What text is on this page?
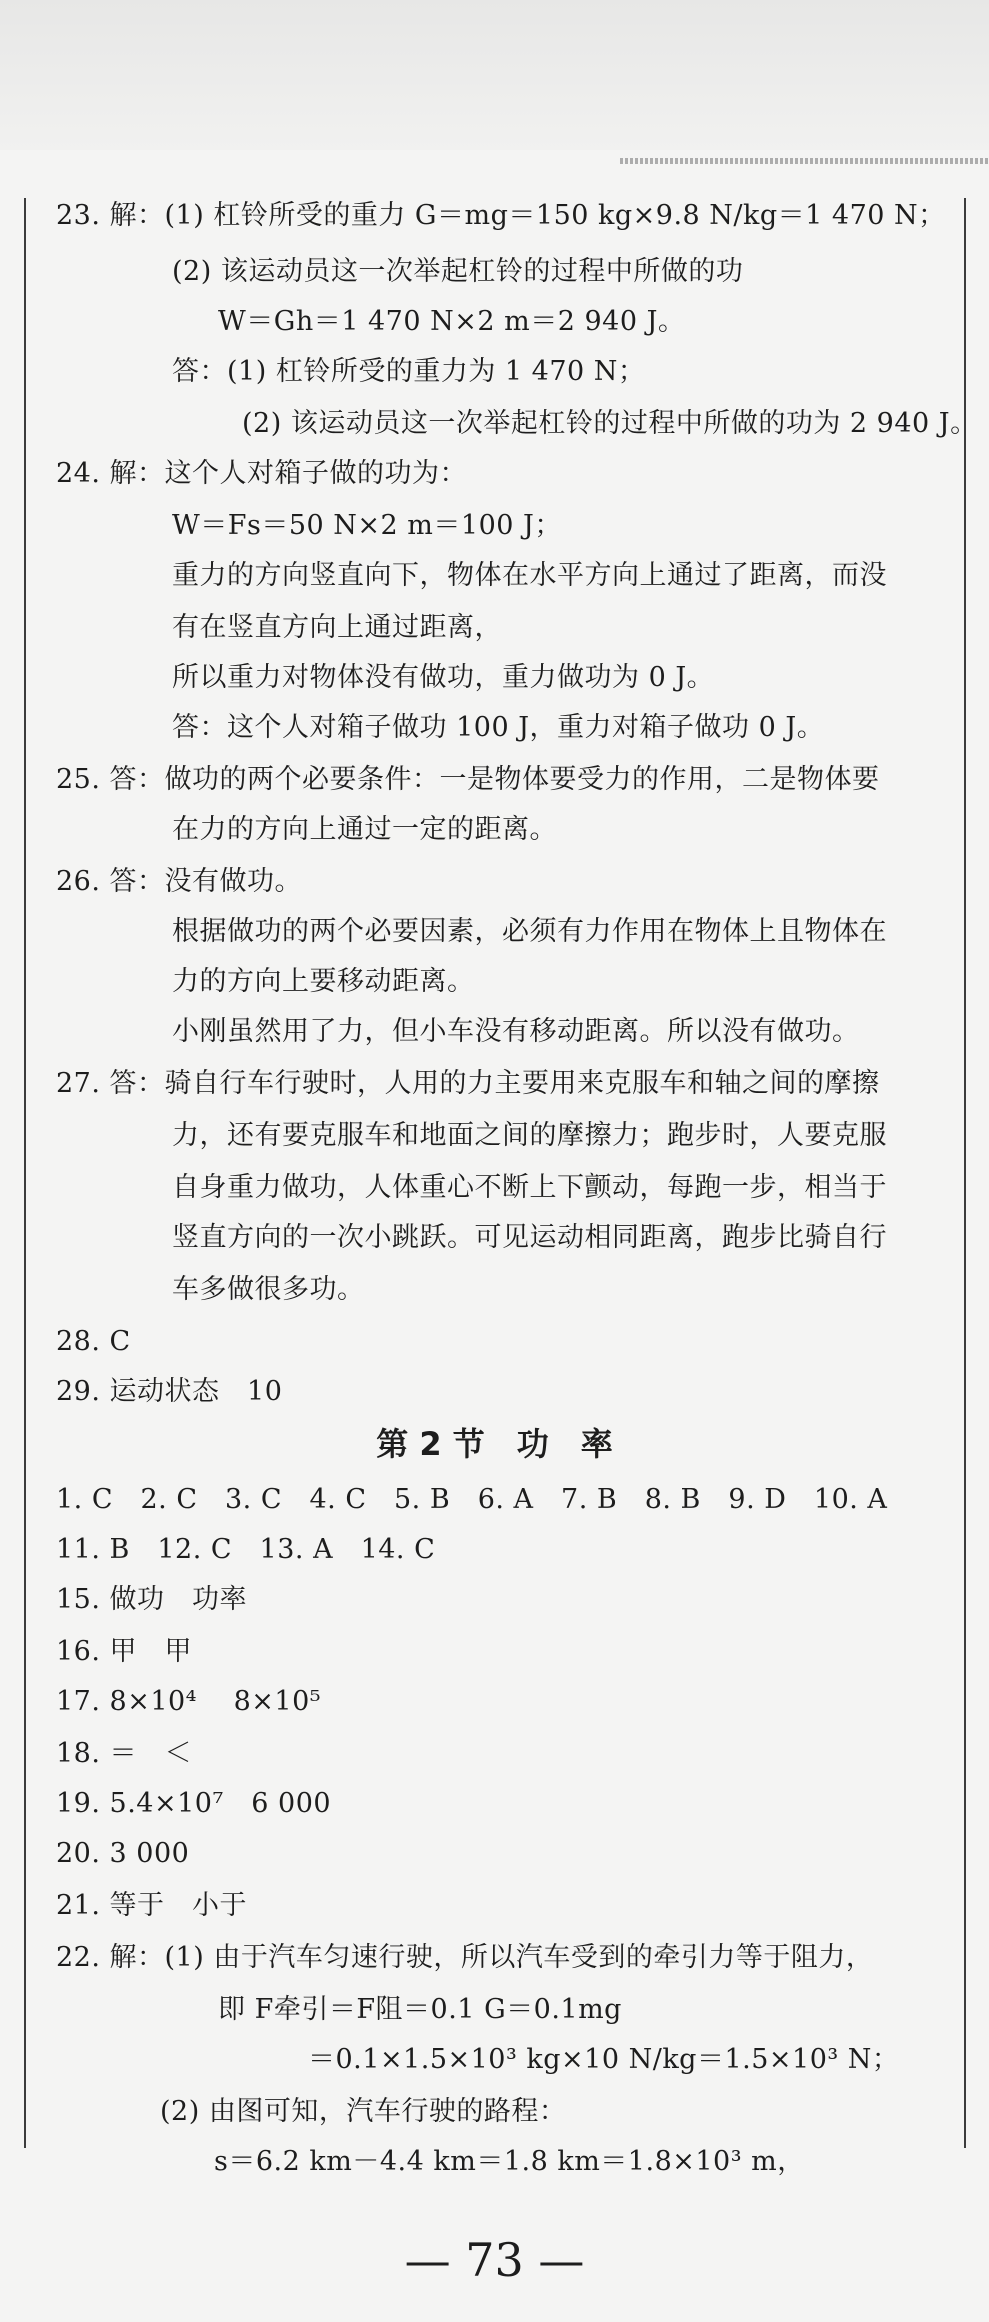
23. 解：(1) 杠铃所受的重力 G＝mg＝150 kg×9.8 N/kg＝1 470 N；
(2) 该运动员这一次举起杠铃的过程中所做的功
W＝Gh＝1 470 N×2 m＝2 940 J。
答：(1) 杠铃所受的重力为 1 470 N；
(2) 该运动员这一次举起杠铃的过程中所做的功为 2 940 J。
24. 解：这个人对箱子做的功为：
W＝Fs＝50 N×2 m＝100 J；
重力的方向竖直向下，物体在水平方向上通过了距离，而没
有在竖直方向上通过距离，
所以重力对物体没有做功，重力做功为 0 J。
答：这个人对箱子做功 100 J，重力对箱子做功 0 J。
25. 答：做功的两个必要条件：一是物体要受力的作用，二是物体要
在力的方向上通过一定的距离。
26. 答：没有做功。
根据做功的两个必要因素，必须有力作用在物体上且物体在
力的方向上要移动距离。
小刚虽然用了力，但小车没有移动距离。所以没有做功。
27. 答：骑自行车行驶时，人用的力主要用来克服车和轴之间的摩擦
力，还有要克服车和地面之间的摩擦力；跑步时，人要克服
自身重力做功，人体重心不断上下颤动，每跑一步，相当于
竖直方向的一次小跳跃。可见运动相同距离，跑步比骑自行
车多做很多功。
28. C
29. 运动状态　10
第 2 节　功　率
1. C　2. C　3. C　4. C　5. B　6. A　7. B　8. B　9. D　10. A
11. B　12. C　13. A　14. C
15. 做功　功率
16. 甲　甲
17. 8×10⁴　 8×10⁵
18. ＝　＜
19. 5.4×10⁷　6 000
20. 3 000
21. 等于　小于
22. 解：(1) 由于汽车匀速行驶，所以汽车受到的牵引力等于阻力，
即 F牵引＝F阻＝0.1 G＝0.1mg
＝0.1×1.5×10³ kg×10 N/kg＝1.5×10³ N；
(2) 由图可知，汽车行驶的路程：
s＝6.2 km－4.4 km＝1.8 km＝1.8×10³ m，
— 73 —
